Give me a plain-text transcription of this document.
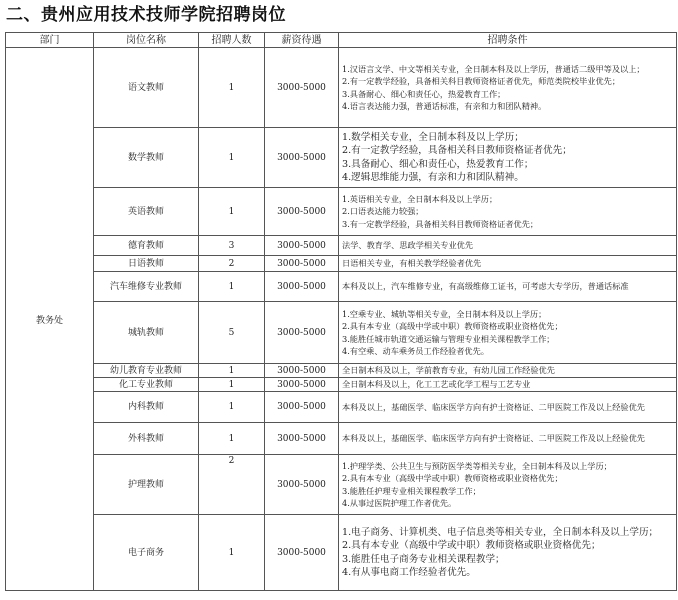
二、贵州应用技术技师学院招聘岗位
部门	岗位名称	招聘人数	薪资待遇	招聘条件
教务处	语文教师	1	3000-5000	1.汉语言文学、中文等相关专业，全日制本科及以上学历，普通话二级甲等及以上；
2.有一定教学经验，具备相关科目教师资格证者优先，师范类院校毕业优先；
3.具备耐心、细心和责任心，热爱教育工作；
4.语言表达能力强，普通话标准，有亲和力和团队精神。

	数学教师	1	3000-5000	1.数学相关专业，全日制本科及以上学历；
2.有一定教学经验，具备相关科目教师资格证者优先；
3.具备耐心、细心和责任心，热爱教育工作；
4.逻辑思维能力强，有亲和力和团队精神。

	英语教师	1	3000-5000	1.英语相关专业，全日制本科及以上学历；
2.口语表达能力较强；
3.有一定教学经验，具备相关科目教师资格证者优先；

	德育教师	3	3000-5000	法学、教育学、思政学相关专业优先

	日语教师	2	3000-5000	日语相关专业，有相关教学经验者优先

	汽车维修专业教师	1	3000-5000	本科及以上，汽车维修专业，有高级维修工证书，可考虑大专学历，普通话标准

	城轨教师	5	3000-5000	1.空乘专业、城轨等相关专业，全日制本科及以上学历；
2.具有本专业（高级中学或中职）教师资格或职业资格优先；
3.能胜任城市轨道交通运输与管理专业相关课程教学工作；
4.有空乘、动车乘务员工作经验者优先。

	幼儿教育专业教师	1	3000-5000	全日制本科及以上，学前教育专业，有幼儿园工作经验优先

	化工专业教师	1	3000-5000	全日制本科及以上，化工工艺或化学工程与工艺专业

	内科教师	1	3000-5000	本科及以上，基础医学、临床医学方向有护士资格证、二甲医院工作及以上经验优先

	外科教师	1	3000-5000	本科及以上，基础医学、临床医学方向有护士资格证、二甲医院工作及以上经验优先

	护理教师	2	3000-5000	1.护理学类、公共卫生与预防医学类等相关专业，全日制本科及以上学历；
2.具有本专业（高级中学或中职）教师资格或职业资格优先；
3.能胜任护理专业相关课程教学工作；
4.从事过医院护理工作者优先。

	电子商务	1	3000-5000	1.电子商务、计算机类、电子信息类等相关专业，全日制本科及以上学历；
2.具有本专业（高级中学或中职）教师资格或职业资格优先；
3.能胜任电子商务专业相关课程教学；
4.有从事电商工作经验者优先。
